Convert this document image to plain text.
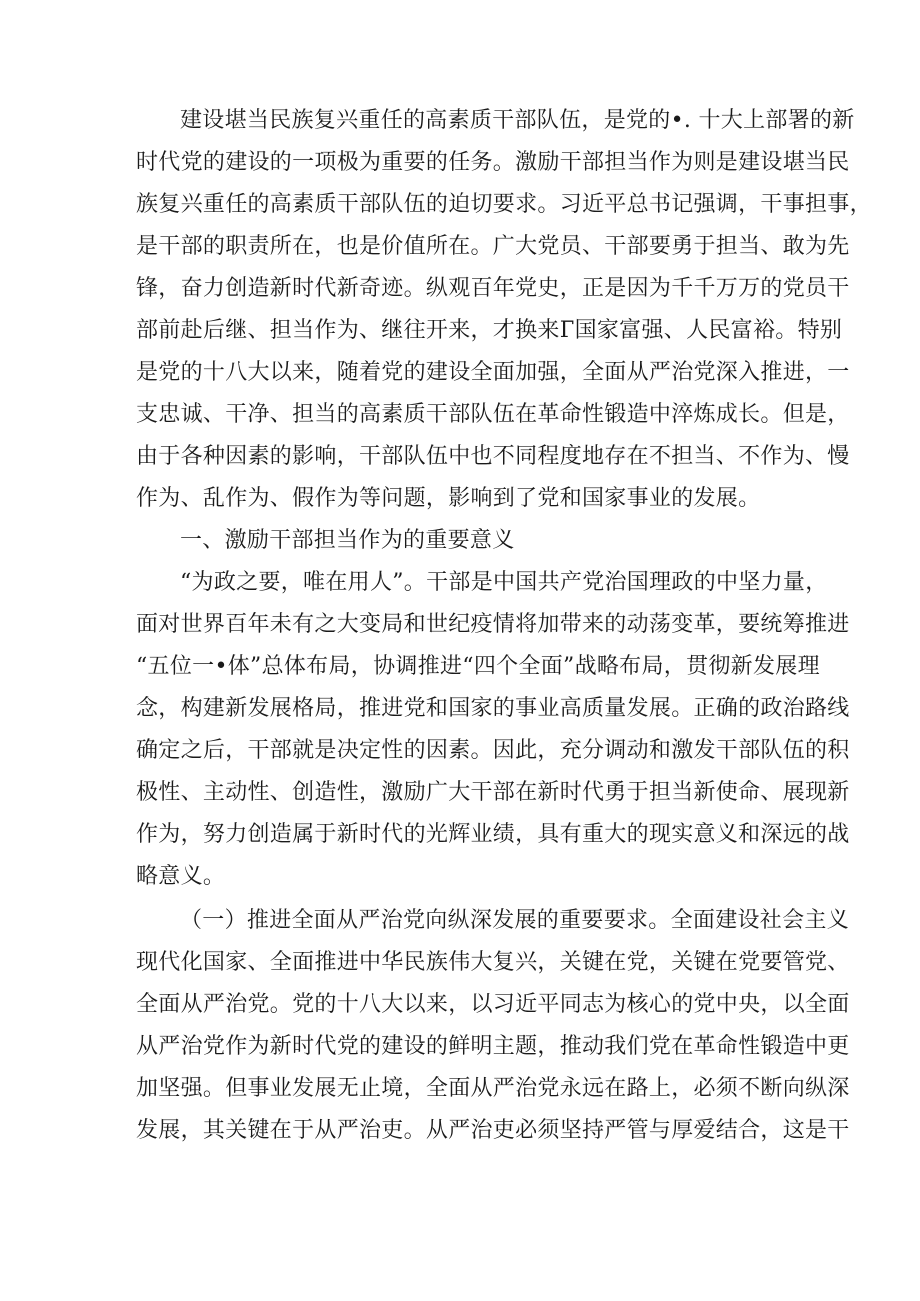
建设堪当民族复兴重任的高素质干部队伍，是党的•. 十大上部署的新
时代党的建设的一项极为重要的任务。激励干部担当作为则是建设堪当民
族复兴重任的高素质干部队伍的迫切要求。习近平总书记强调，干事担事，
是干部的职责所在，也是价值所在。广大党员、干部要勇于担当、敢为先
锋，奋力创造新时代新奇迹。纵观百年党史，正是因为千千万万的党员干
部前赴后继、担当作为、继往开来，才换来Г国家富强、人民富裕。特别
是党的十八大以来，随着党的建设全面加强，全面从严治党深入推进，一
支忠诚、干净、担当的高素质干部队伍在革命性锻造中淬炼成长。但是，
由于各种因素的影响，干部队伍中也不同程度地存在不担当、不作为、慢
作为、乱作为、假作为等问题，影响到了党和国家事业的发展。
一、激励干部担当作为的重要意义
“为政之要，唯在用人”。干部是中国共产党治国理政的中坚力量，
面对世界百年未有之大变局和世纪疫情将加带来的动荡变革，要统筹推进
“五位一•体”总体布局，协调推进“四个全面”战略布局，贯彻新发展理
念，构建新发展格局，推进党和国家的事业高质量发展。正确的政治路线
确定之后，干部就是决定性的因素。因此，充分调动和激发干部队伍的积
极性、主动性、创造性，激励广大干部在新时代勇于担当新使命、展现新
作为，努力创造属于新时代的光辉业绩，具有重大的现实意义和深远的战
略意义。
（一）推进全面从严治党向纵深发展的重要要求。全面建设社会主义
现代化国家、全面推进中华民族伟大复兴，关键在党，关键在党要管党、
全面从严治党。党的十八大以来，以习近平同志为核心的党中央，以全面
从严治党作为新时代党的建设的鲜明主题，推动我们党在革命性锻造中更
加坚强。但事业发展无止境，全面从严治党永远在路上，必须不断向纵深
发展，其关键在于从严治吏。从严治吏必须坚持严管与厚爱结合，这是干
